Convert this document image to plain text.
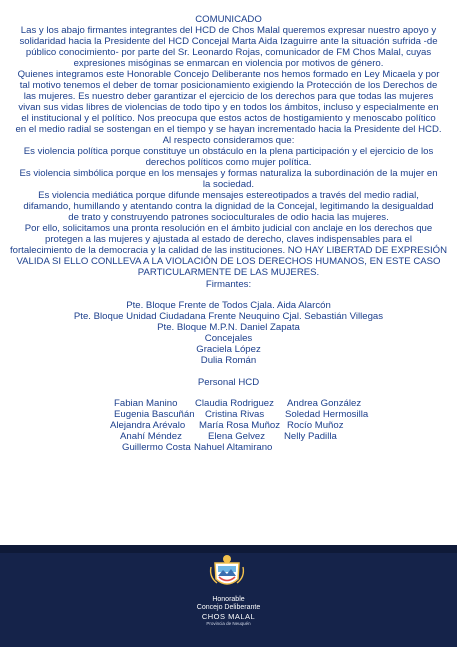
COMUNICADO
Las y los abajo firmantes integrantes del HCD de Chos Malal queremos expresar nuestro apoyo y
solidaridad hacia la Presidente del HCD Concejal Marta Aida Izaguirre ante la situación sufrida -de
público conocimiento- por parte del Sr. Leonardo Rojas, comunicador de FM Chos Malal, cuyas
expresiones misóginas se enmarcan en violencia por motivos de género.
Quienes integramos este Honorable Concejo Deliberante nos hemos formado en Ley Micaela y por
tal motivo tenemos el deber de tomar posicionamiento exigiendo la Protección de los Derechos de
las mujeres. Es nuestro deber garantizar el ejercicio de los derechos para que todas las mujeres
vivan sus vidas libres de violencias de todo tipo y en todos los ámbitos, incluso y especialmente en
el institucional y el político. Nos preocupa que estos actos de hostigamiento y menoscabo político
en el medio radial se sostengan en el tiempo y se hayan incrementado hacia la Presidente del HCD.
Al respecto consideramos que:
Es violencia política porque constituye un obstáculo en la plena participación y el ejercicio de los
derechos políticos como mujer política.
Es violencia simbólica porque en los mensajes y formas naturaliza la subordinación de la mujer en
la sociedad.
Es violencia mediática porque difunde mensajes estereotipados a través del medio radial,
difamando, humillando y atentando contra la dignidad de la Concejal, legitimando la desigualdad
de trato y construyendo patrones socioculturales de odio hacia las mujeres.
Por ello, solicitamos una pronta resolución en el ámbito judicial con anclaje en los derechos que
protegen a las mujeres y ajustada al estado de derecho, claves indispensables para el
fortalecimiento de la democracia y la calidad de las instituciones. NO HAY LIBERTAD DE EXPRESIÓN
VALIDA SI ELLO CONLLEVA A LA VIOLACIÓN DE LOS DERECHOS HUMANOS, EN ESTE CASO
PARTICULARMENTE DE LAS MUJERES.
Firmantes:
Pte. Bloque Frente de Todos Cjala. Aida Alarcón
Pte. Bloque Unidad Ciudadana Frente Neuquino Cjal. Sebastián Villegas
Pte. Bloque M.P.N. Daniel Zapata
Concejales
Graciela López
Dulia Román
Personal HCD
Fabian Manino Claudia Rodriguez Andrea González
Eugenia Bascuñán Cristina Rivas Soledad Hermosilla
Alejandra Arévalo María Rosa Muñoz Rocío Muñoz
Anahí Méndez	Elena Gelvez Nelly Padilla
Guillermo Costa Nahuel Altamirano
Honorable
Concejo Deliberante
CHOS MALAL
Provincia de Neuquén
